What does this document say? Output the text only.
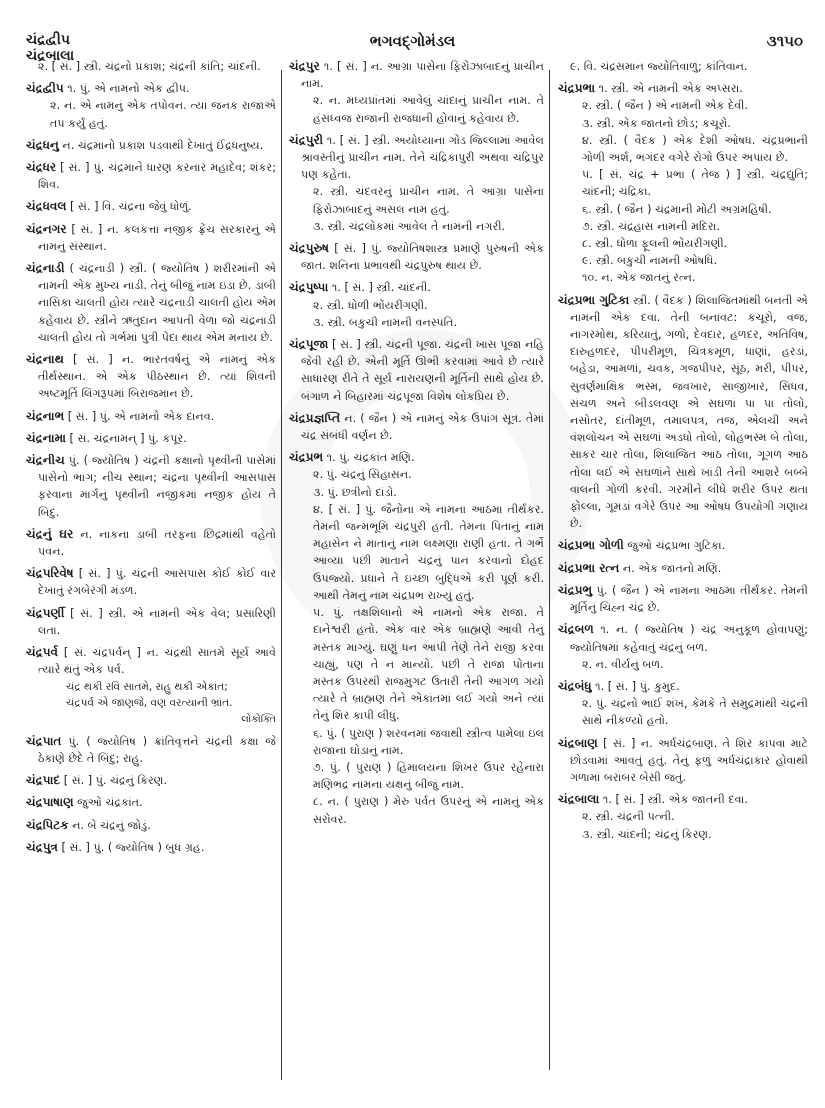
ચંદ્રદ્વીપ
ચંદ્રબાલા
ભગવદ્ગોમંડલ	૩૧૫૦
૨. [ સં. ] સ્ત્રી. ચંદ્રનો પ્રકાશ; ચંદ્રની કાંતિ; ચાંદની.
ચંદ્રદ્વીપ ૧. પું. એ નામનો એક દ્વીપ.
૨. ન. એ નામનું એક તપોવન. ત્યાં જનક રાજાએ તપ કર્યું હતું.
ચંદ્રધનુ ન. ચંદ્રમાનો પ્રકાશ પડવાથી દેખાતું ઈંદ્રધનુષ્ય.
ચંદ્રધર [ સં. ] પું. ચંદ્રમાને ધારણ કરનાર મહાદેવ; શંકર; શિવ.
ચંદ્રધવલ [ સં. ] વિ. ચંદ્રના જેવું ધોળું.
ચંદ્રનગર [ સં. ] ન. કલકત્તા નજીક ફ્રેંચ સરકારનું એ નામનું સંસ્થાન.
ચંદ્રનાડી ( ચંદ્રનાડ઼ી ) સ્ત્રી. ( જ્યોતિષ ) શરીરમાંની એ નામની એક મુખ્ય નાડી. તેનું બીજું નામ ઇડા છે. ડાબી નાસિકા ચાલતી હોય ત્યારે ચંદ્રનાડી ચાલતી હોય એમ કહેવાય છે. સ્ત્રીને ઋતુદાન આપતી વેળા જો ચંદ્રનાડી ચાલતી હોય તો ગર્ભમાં પુત્રી પેદા થાય એમ મનાય છે.
ચંદ્રનાથ [ સં. ] ન. ભારતવર્ષનું એ નામનું એક તીર્થસ્થાન. એ એક પીઠસ્થાન છે. ત્યાં શિવની અષ્ટમૂર્તિ લિંગરૂપમાં બિરાજમાન છે.
ચંદ્રનાભ [ સં. ] પું. એ નામનો એક દાનવ.
ચંદ્રનામા [ સં. ચંદ્રનામન્ ] પું. કપૂર.
ચંદ્રનીચ પું. ( જ્યોતિષ ) ચંદ્રની કક્ષાનો પૃથ્વીની પાસેમાં પાસેનો ભાગ; નીચ સ્થાન; ચંદ્રના પૃથ્વીની આસપાસ ફરવાના માર્ગનું પૃથ્વીની નજીકમાં નજીક હોય તે બિંદુ.
ચંદ્રનું ઘર ન. નાકના ડાબી તરફના છિદ્રમાંથી વહેતો પવન.
ચંદ્રપરિવેષ [ સં. ] પું. ચંદ્રની આસપાસ કોઈ કોઈ વાર દેખાતું રંગબેરંગી મંડળ.
ચંદ્રપર્ણી [ સં. ] સ્ત્રી. એ નામની એક વેલ; પ્રસારિણી લતા.
ચંદ્રપર્વ [ સં. ચંદ્રપર્વન્ ] ન. ચંદ્રથી સાતમે સૂર્ય આવે ત્યારે થતું એક પર્વ.
ચંદ્ર થકી રવિ સાતમે, રાહુ થકી એકાંત;
ચંદ્રપર્વ એ જાણજે, વણ વરત્યાની ભ્રાંત.
લોકોક્તિ
ચંદ્રપાત પું. ( જ્યોતિષ ) ક્રાંતિવૃત્તને ચંદ્રની કક્ષા જે ઠેકાણે છેદે તે બિંદુ; રાહુ.
ચંદ્રપાદ [ સં. ] પું. ચંદ્રનું કિરણ.
ચંદ્રપાષાણ જુઓ ચંદ્રકાંત.
ચંદ્રપિટક ન. બે ચંદ્રનું જોડું.
ચંદ્રપુત્ર [ સં. ] પું. ( જ્યોતિષ ) બુધ ગ્રહ.
ચંદ્રપુર ૧. [ સં. ] ન. આગ્રા પાસેના ફિરોઝાબાદનું પ્રાચીન નામ.
૨. ન. મધ્યપ્રાંતમાં આવેલું ચાંદાનું પ્રાચીન નામ. તે હંસધ્વજ રાજાની રાજધાની હોવાનું કહેવાય છે.
ચંદ્રપુરી ૧. [ સં. ] સ્ત્રી. અયોધ્યાના ગોંડ જિલ્લામાં આવેલ શ્રાવસ્તીનું પ્રાચીન નામ. તેને ચંદ્રિકાપુરી અથવા ચંદ્રિપુર પણ કહેતા.
૨. સ્ત્રી. ચંદવરનું પ્રાચીન નામ. તે આગ્રા પાસેના ફિરોઝાબાદનું અસલ નામ હતું.
૩. સ્ત્રી. ચંદ્રલોકમાં આવેલ તે નામની નગરી.
ચંદ્રપુરુષ [ સં. ] પું. જ્યોતિષશાસ્ત્ર પ્રમાણે પુરુષની એક જાત. શનિના પ્રભાવથી ચંદ્રપુરુષ થાય છે.
ચંદ્રપુષ્પા ૧. [ સં. ] સ્ત્રી. ચાંદની.
૨. સ્ત્રી. ધોળી ભોંયરીંગણી.
૩. સ્ત્રી. બકુચી નામની વનસ્પતિ.
ચંદ્રપૂજા [ સં. ] સ્ત્રી. ચંદ્રની પૂજા. ચંદ્રની ખાસ પૂજા નહિ જેવી રહી છે. એની મૂર્તિ ઊભી કરવામાં આવે છે ત્યારે સાધારણ રીતે તે સૂર્ય નારાયણની મૂર્તિની સાથે હોય છે. બંગાળ ને બિહારમાં ચંદ્રપૂજા વિશેષ લોકપ્રિય છે.
ચંદ્રપ્રજ્ઞપ્તિ ન. ( જૈન ) એ નામનું એક ઉપાંગ સૂત્ર. તેમાં ચંદ્ર સંબંધી વર્ણન છે.
ચંદ્રપ્રભ ૧. પું. ચંદ્રકાંત મણિ.
૨. પું. ચંદ્રનું સિંહાસન.
૩. પું. છત્રીનો દાંડો.
૪. [ સં. ] પું. જૈનોના એ નામના આઠમા તીર્થંકર. તેમની જન્મભૂમિ ચંદ્રપુરી હતી. તેમના પિતાનું નામ મહાસેન ને માતાનું નામ લક્ષ્મણા રાણી હતાં. તે ગર્ભે આવ્યા પછી માતાને ચંદ્રનું પાન કરવાનો દોહદ ઉપજ્યો. પ્રધાને તે ઇચ્છા બુદ્ધિએ કરી પૂર્ણ કરી. આથી તેમનું નામ ચંદ્રપ્રભ રાખ્યું હતું.
૫. પું. તક્ષશિલાનો એ નામનો એક રાજા. તે દાનેશ્વરી હતો. એક વાર એક બ્રાહ્મણે આવી તેનું મસ્તક માગ્યું. ઘણું ધન આપી તેણે તેને રાજી કરવા ચાહ્યું, પણ તે ન માન્યો. પછી તે રાજા પોતાના મસ્તક ઉપરથી રાજમુગટ ઉતારી તેની આગળ ગયો ત્યારે તે બ્રાહ્મણ તેને એકાંતમાં લઈ ગયો અને ત્યાં તેનું શિર કાપી લીધું.
૬. પું. ( પુરાણ ) શરવનમાં જવાથી સ્ત્રીત્વ પામેલા ઇલ રાજાના ઘોડાનું નામ.
૭. પું. ( પુરાણ ) હિમાલયના શિખર ઉપર રહેનારા મણિભદ્ર નામના યક્ષનું બીજું નામ.
૮. ન. ( પુરાણ ) મેરુ પર્વત ઉપરનું એ નામનું એક સરોવર.
૯. વિ. ચંદ્રસમાન જ્યોતિવાળું; કાંતિવાન.
ચંદ્રપ્રભા ૧. સ્ત્રી. એ નામની એક અપ્સરા.
૨. સ્ત્રી. ( જૈન ) એ નામની એક દેવી.
૩. સ્ત્રી. એક જાતનો છોડ; કચૂરો.
૪. સ્ત્રી. ( વૈદક ) એક દેશી ઓષધ. ચંદ્રપ્રભાની ગોળી અર્શ, ભગંદર વગેરે રોગો ઉપર અપાય છે.
૫. [ સં. ચંદ્ર + પ્રભા ( તેજ ) ] સ્ત્રી. ચંદ્રદ્યુતિ; ચાંદની; ચંદ્રિકા.
૬. સ્ત્રી. ( જૈન ) ચંદ્રમાની મોટી અગ્રમહિષી.
૭. સ્ત્રી. ચંદ્રહાસ નામની મદિરા.
૮. સ્ત્રી. ધોળા ફૂલની ભોંયરીંગણી.
૯. સ્ત્રી. બકુચી નામની ઓષધિ.
૧૦. ન. એક જાતનું રત્ન.
ચંદ્રપ્રભા ગુટિકા સ્ત્રી. ( વૈદક ) શિલાજિતમાંથી બનતી એ નામની એક દવા. તેની બનાવટ: કચૂરો, વજ, નાગરમોથ, કરિયાતું, ગળો, દેવદાર, હળદર, અતિવિષ, દારુહળદર, પીપરીમૂળ, ચિત્રકમૂળ, ધાણાં, હરડાં, બહેડાં, આમળાં, ચવક, ગજપીપર, સૂંઠ, મરી, પીપર, સુવર્ણમાક્ષિક ભસ્મ, જવખાર, સાજીખાર, સિંધવ, સંચળ અને બીડલવણ એ સઘળાં પા પા તોલો, નસોતર, દાંતીમૂળ, તમાલપત્ર, તજ, એલચી અને વંશલોચન એ સઘળાં અડધો તોલો, લોહભસ્મ બે તોલા, સાકર ચાર તોલા, શિલાજિત આઠ તોલા, ગૂગળ આઠ તોલા લઈ એ સઘળાંને સાથે ખાંડી તેની આશરે બબ્બે વાલની ગોળી કરવી. ગરમીને લીધે શરીર ઉપર થતા ફોલ્લા, ગૂમડાં વગેરે ઉપર આ ઓષધ ઉપયોગી ગણાય છે.
ચંદ્રપ્રભા ગોળી જુઓ ચંદ્રપ્રભા ગુટિકા.
ચંદ્રપ્રભા રત્ન ન. એક જાતનો મણિ.
ચંદ્રપ્રભુ પું. ( જૈન ) એ નામના આઠમા તીર્થંકર. તેમની મૂર્તિનું ચિહ્ન ચંદ્ર છે.
ચંદ્રબળ ૧. ન. ( જ્યોતિષ ) ચંદ્ર અનુકૂળ હોવાપણું; જ્યોતિષમાં કહેવાતું ચંદ્રનું બળ.
૨. ન. વીર્યનું બળ.
ચંદ્રબંધુ ૧. [ સં. ] પું. કુમુદ.
૨. પું. ચંદ્રનો ભાઈ શંખ, કેમકે તે સમુદ્રમાંથી ચંદ્રની સાથે નીકળ્યો હતો.
ચંદ્રબાણ [ સં. ] ન. અર્ધચંદ્રબાણ. તે શિર કાપવા માટે છોડવામાં આવતું હતું. તેનું ફળું અર્ધચંદ્રાકાર હોવાથી ગળામાં બરાબર બેસી જતું.
ચંદ્રબાલા ૧. [ સં. ] સ્ત્રી. એક જાતની દવા.
૨. સ્ત્રી. ચંદ્રની પત્ની.
૩. સ્ત્રી. ચાંદની; ચંદ્રનું કિરણ.
